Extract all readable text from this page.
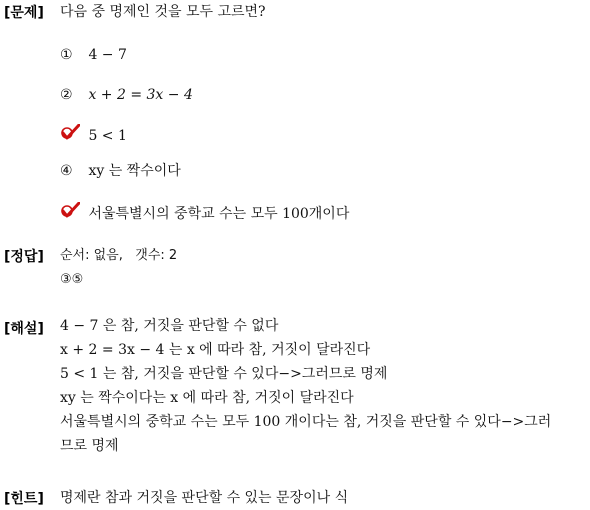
[문제] 다음 중 명제인 것을 모두 고르면?
① 4 − 7
② x + 2 = 3x − 4
5 < 1
④ xy 는 짝수이다
서울특별시의 중학교 수는 모두 100개이다
[정답] 순서: 없음,   갯수: 2
③⑤
[해설] 4 − 7 은 참, 거짓을 판단할 수 없다
x + 2 = 3x − 4 는 x 에 따라 참, 거짓이 달라진다
5 < 1 는 참, 거짓을 판단할 수 있다−>그러므로 명제
xy 는 짝수이다는 x 에 따라 참, 거짓이 달라진다
서울특별시의 중학교 수는 모두 100 개이다는 참, 거짓을 판단할 수 있다−>그러
므로 명제
[힌트] 명제란 참과 거짓을 판단할 수 있는 문장이나 식
